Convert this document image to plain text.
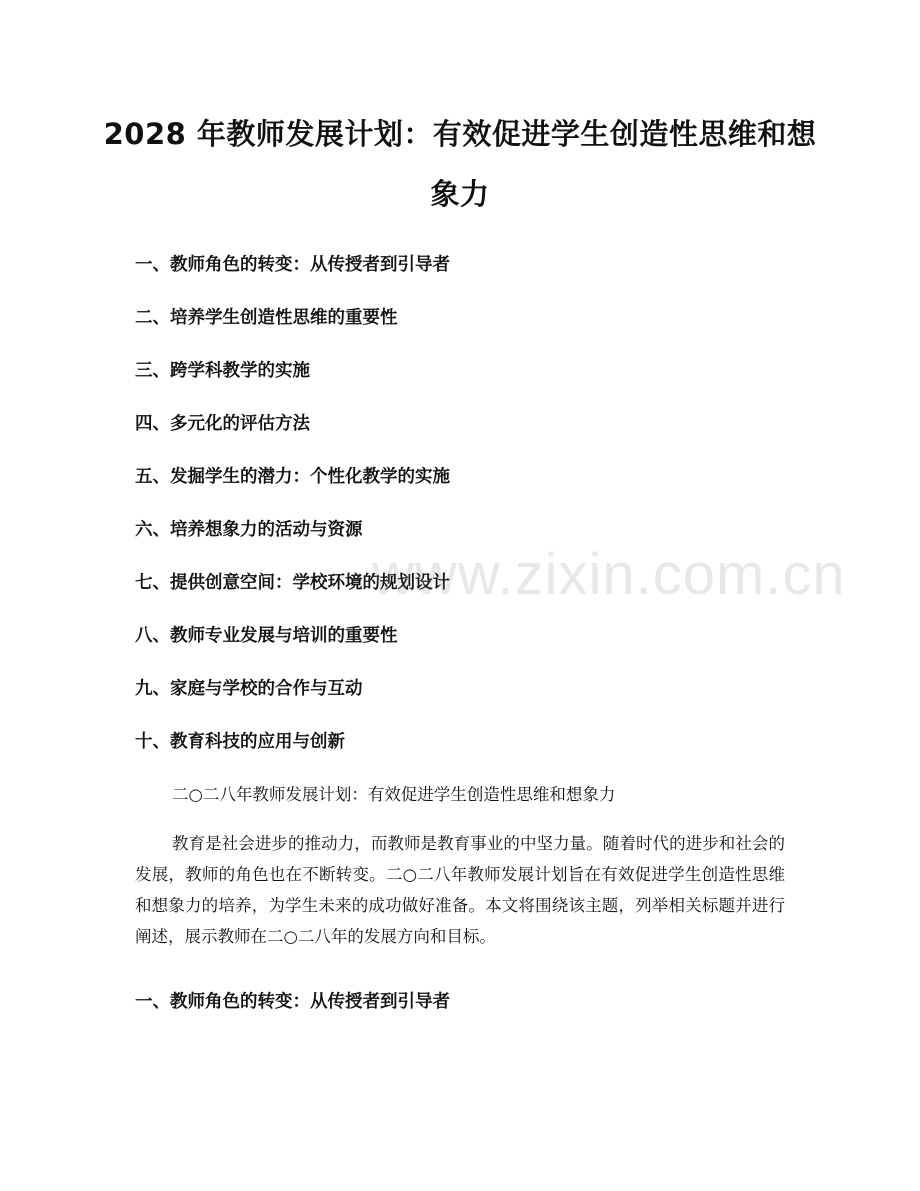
2028 年教师发展计划：有效促进学生创造性思维和想象力
一、教师角色的转变：从传授者到引导者
二、培养学生创造性思维的重要性
三、跨学科教学的实施
四、多元化的评估方法
五、发掘学生的潜力：个性化教学的实施
六、培养想象力的活动与资源
七、提供创意空间：学校环境的规划设计
八、教师专业发展与培训的重要性
九、家庭与学校的合作与互动
十、教育科技的应用与创新

二○二八年教师发展计划：有效促进学生创造性思维和想象力

教育是社会进步的推动力，而教师是教育事业的中坚力量。随着时代的进步和社会的发展，教师的角色也在不断转变。二○二八年教师发展计划旨在有效促进学生创造性思维和想象力的培养，为学生未来的成功做好准备。本文将围绕该主题，列举相关标题并进行阐述，展示教师在二○二八年的发展方向和目标。

一、教师角色的转变：从传授者到引导者
www.zixin.com.cn
